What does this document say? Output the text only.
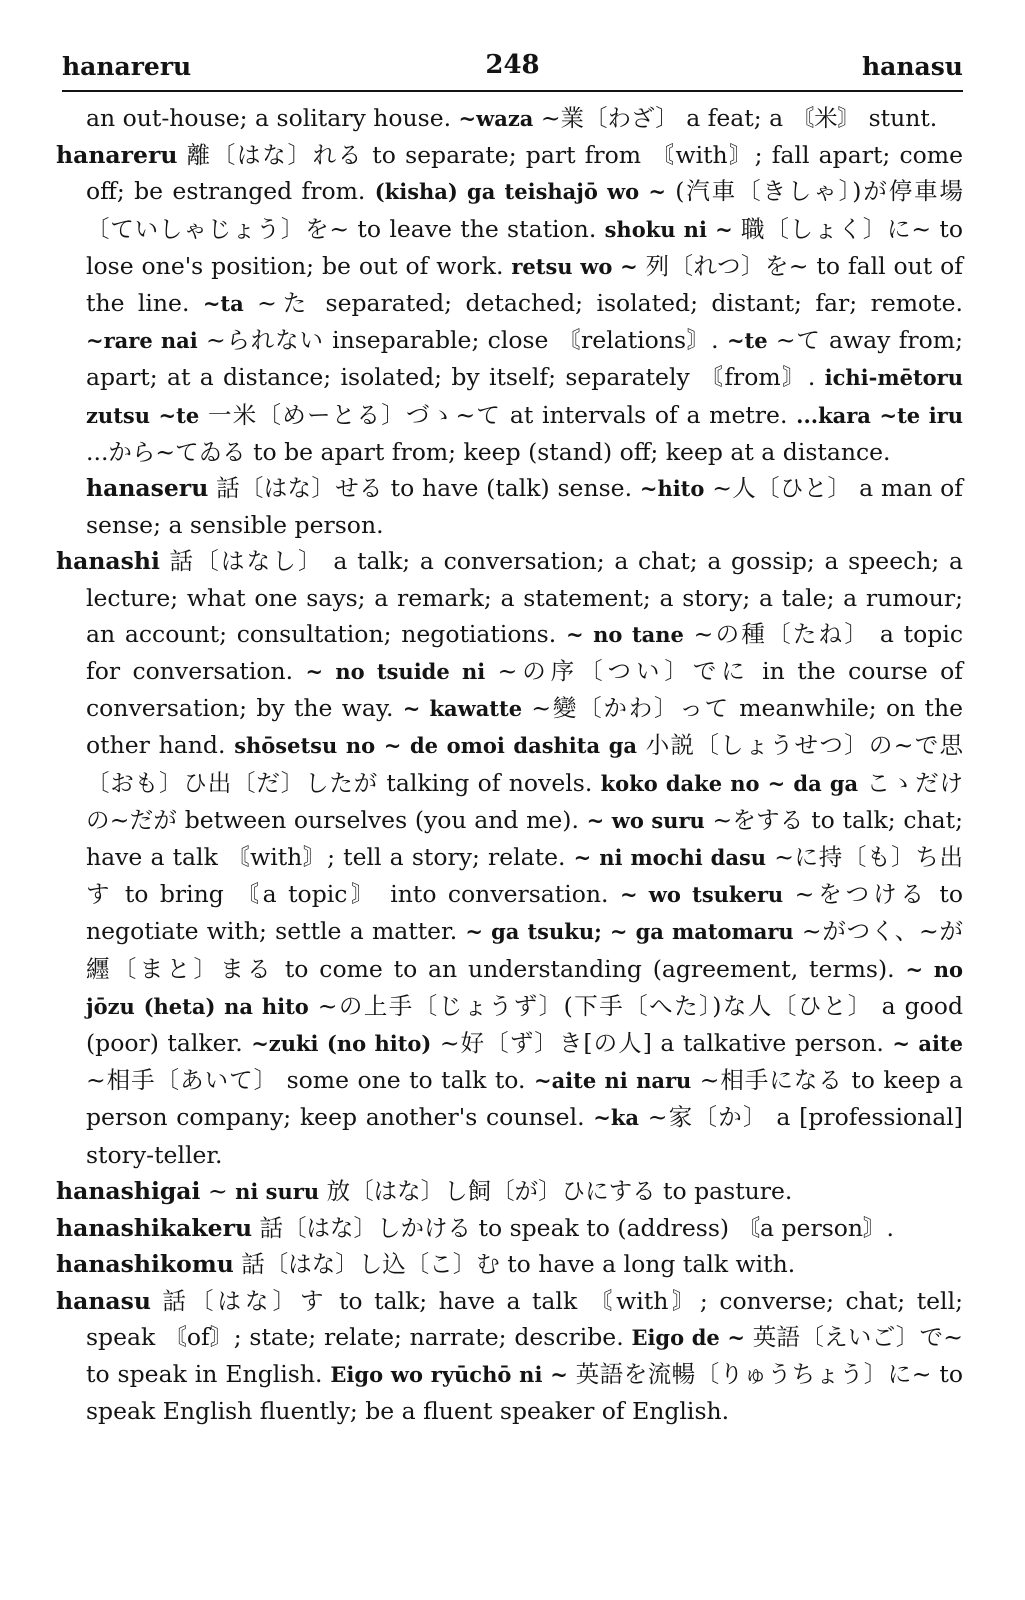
hanareru	248	hanasu

an out-house; a solitary house. ~waza ~業〔わざ〕 a feat; a 〘米〙 stunt.

hanareru 離〔はな〕れる to separate; part from 〘with〙; fall apart; come off; be estranged from. (kisha) ga teishajō wo ~ (汽車〔きしゃ〕)が停車場〔ていしゃじょう〕を~ to leave the station. shoku ni ~ 職〔しょく〕に~ to lose one's position; be out of work. retsu wo ~ 列〔れつ〕を~ to fall out of the line. ~ta ~た separated; detached; isolated; distant; far; remote. ~rare nai ~られない inseparable; close 〘relations〙. ~te ~て away from; apart; at a distance; isolated; by itself; separately 〘from〙. ichi-mētoru zutsu ~te 一米〔めーとる〕づゝ~て at intervals of a metre. ...kara ~te iru ...から~てゐる to be apart from; keep (stand) off; keep at a distance.

hanaseru 話〔はな〕せる to have (talk) sense. ~hito ~人〔ひと〕 a man of sense; a sensible person.

hanashi 話〔はなし〕 a talk; a conversation; a chat; a gossip; a speech; a lecture; what one says; a remark; a statement; a story; a tale; a rumour; an account; consultation; negotiations. ~ no tane ~の種〔たね〕 a topic for conversation. ~ no tsuide ni ~の序〔つい〕でに in the course of conversation; by the way. ~ kawatte ~變〔かわ〕って meanwhile; on the other hand. shōsetsu no ~ de omoi dashita ga 小説〔しょうせつ〕の~で思〔おも〕ひ出〔だ〕したが talking of novels. koko dake no ~ da ga こゝだけの~だが between ourselves (you and me). ~ wo suru ~をする to talk; chat; have a talk 〘with〙; tell a story; relate. ~ ni mochi dasu ~に持〔も〕ち出す to bring 〘a topic〙 into conversation. ~ wo tsukeru ~をつける to negotiate with; settle a matter. ~ ga tsuku; ~ ga matomaru ~がつく、~が纒〔まと〕まる to come to an understanding (agreement, terms). ~ no jōzu (heta) na hito ~の上手〔じょうず〕(下手〔へた〕)な人〔ひと〕 a good (poor) talker. ~zuki (no hito) ~好〔ず〕き[の人] a talkative person. ~ aite ~相手〔あいて〕 some one to talk to. ~aite ni naru ~相手になる to keep a person company; keep another's counsel. ~ka ~家〔か〕 a [professional] story-teller.

hanashigai ~ ni suru 放〔はな〕し飼〔が〕ひにする to pasture.

hanashikakeru 話〔はな〕しかける to speak to (address) 〘a person〙.

hanashikomu 話〔はな〕し込〔こ〕む to have a long talk with.

hanasu 話〔はな〕す to talk; have a talk 〘with〙; converse; chat; tell; speak 〘of〙; state; relate; narrate; describe. Eigo de ~ 英語〔えいご〕で~ to speak in English. Eigo wo ryūchō ni ~ 英語を流暢〔りゅうちょう〕に~ to speak English fluently; be a fluent speaker of English.
